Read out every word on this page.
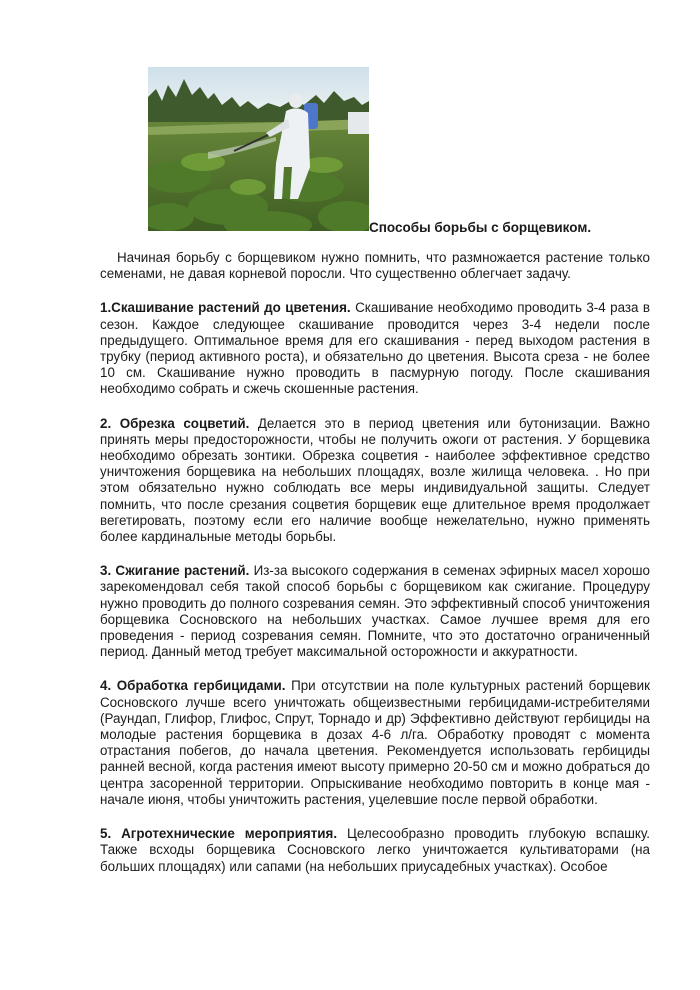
Способы борьбы с борщевиком.

Начиная борьбу с борщевиком нужно помнить, что размножается растение только семенами, не давая корневой поросли. Что существенно облегчает задачу.

1.Скашивание растений до цветения. Скашивание необходимо проводить 3-4 раза в сезон. Каждое следующее скашивание проводится через 3-4 недели после предыдущего. Оптимальное время для его скашивания - перед выходом растения в трубку (период активного роста), и обязательно до цветения. Высота среза - не более 10 см. Скашивание нужно проводить в пасмурную погоду. После скашивания необходимо собрать и сжечь скошенные растения.

2. Обрезка соцветий. Делается это в период цветения или бутонизации. Важно принять меры предосторожности, чтобы не получить ожоги от растения. У борщевика необходимо обрезать зонтики. Обрезка соцветия - наиболее эффективное средство уничтожения борщевика на небольших площадях, возле жилища человека. . Но при этом обязательно нужно соблюдать все меры индивидуальной защиты. Следует помнить, что после срезания соцветия борщевик еще длительное время продолжает вегетировать, поэтому если его наличие вообще нежелательно, нужно применять более кардинальные методы борьбы.

3. Сжигание растений. Из-за высокого содержания в семенах эфирных масел хорошо зарекомендовал себя такой способ борьбы с борщевиком как сжигание. Процедуру нужно проводить до полного созревания семян. Это эффективный способ уничтожения борщевика Сосновского на небольших участках. Самое лучшее время для его проведения - период созревания семян. Помните, что это достаточно ограниченный период. Данный метод требует максимальной осторожности и аккуратности.

4. Обработка гербицидами. При отсутствии на поле культурных растений борщевик Сосновского лучше всего уничтожать общеизвестными гербицидами-истребителями (Раундап, Глифор, Глифос, Спрут, Торнадо и др) Эффективно действуют гербициды на молодые растения борщевика в дозах 4-6 л/га. Обработку проводят с момента отрастания побегов, до начала цветения. Рекомендуется использовать гербициды ранней весной, когда растения имеют высоту примерно 20-50 см и можно добраться до центра засоренной территории. Опрыскивание необходимо повторить в конце мая - начале июня, чтобы уничтожить растения, уцелевшие после первой обработки.

5. Агротехнические мероприятия. Целесообразно проводить глубокую вспашку. Также всходы борщевика Сосновского легко уничтожается культиваторами (на больших площадях) или сапами (на небольших приусадебных участках). Особое
